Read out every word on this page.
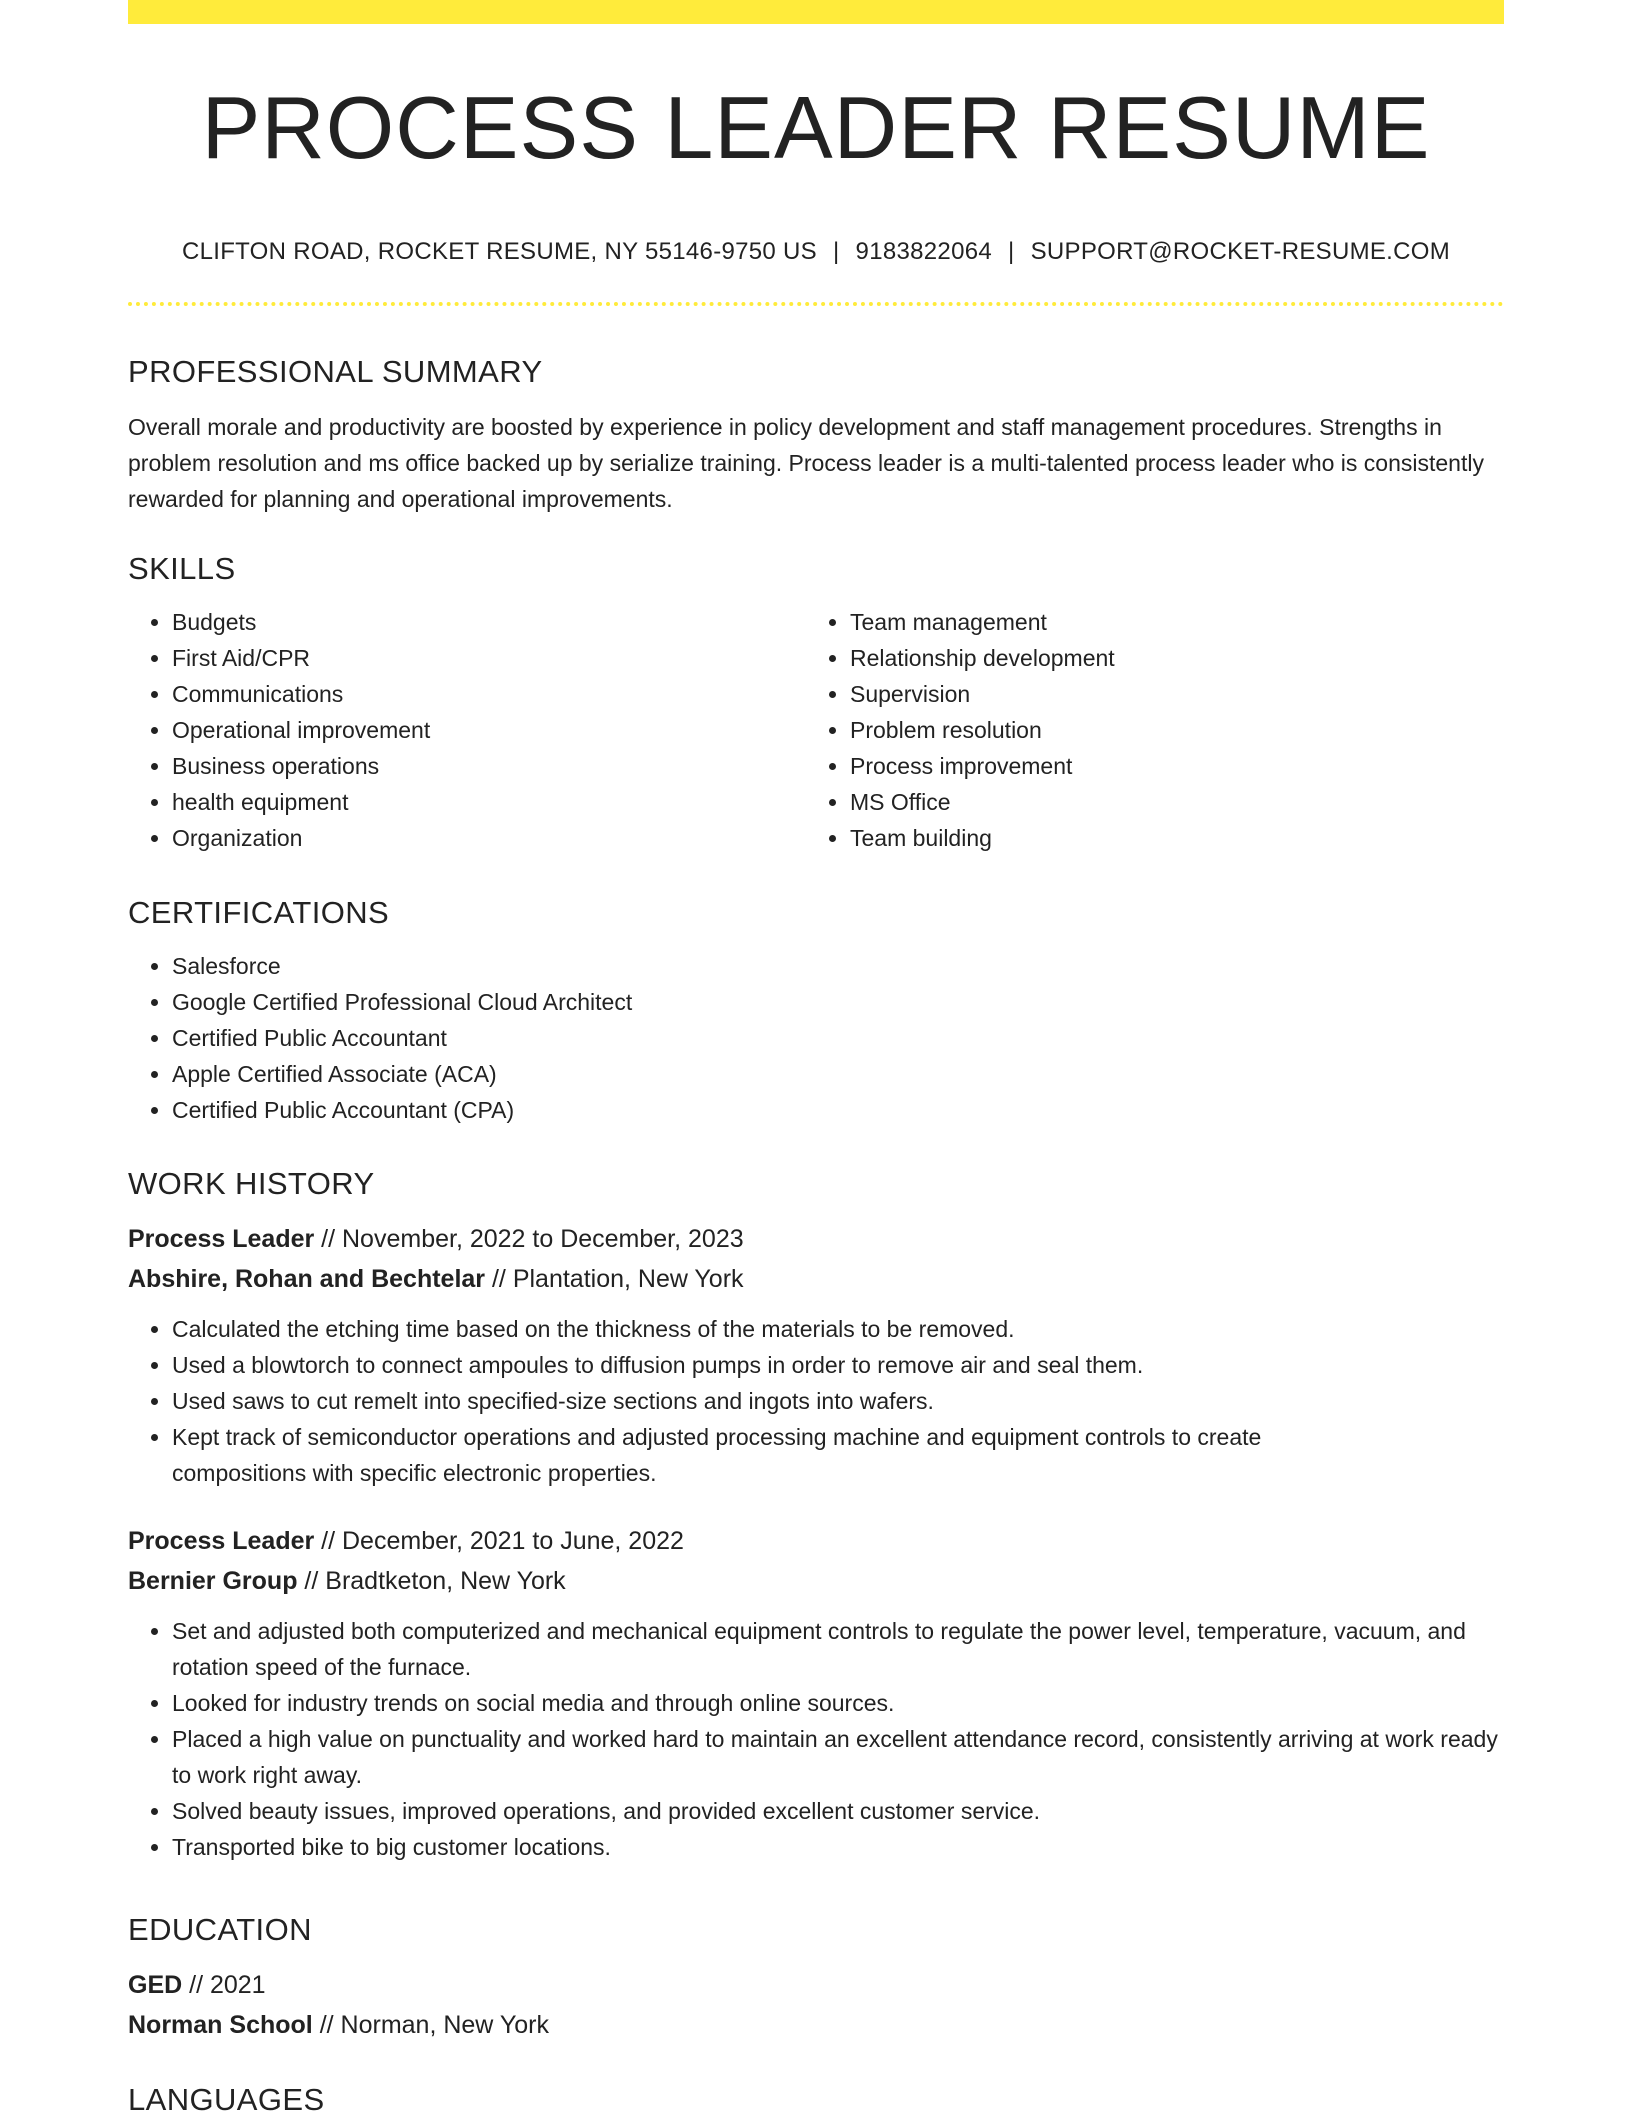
PROCESS LEADER RESUME
CLIFTON ROAD, ROCKET RESUME, NY 55146-9750 US | 9183822064 | SUPPORT@ROCKET-RESUME.COM
PROFESSIONAL SUMMARY

Overall morale and productivity are boosted by experience in policy development and staff management procedures. Strengths in problem resolution and ms office backed up by serialize training. Process leader is a multi-talented process leader who is consistently rewarded for planning and operational improvements.

SKILLS
• Budgets
• First Aid/CPR
• Communications
• Operational improvement
• Business operations
• health equipment
• Organization
• Team management
• Relationship development
• Supervision
• Problem resolution
• Process improvement
• MS Office
• Team building
CERTIFICATIONS
• Salesforce
• Google Certified Professional Cloud Architect
• Certified Public Accountant
• Apple Certified Associate (ACA)
• Certified Public Accountant (CPA)
WORK HISTORY
Process Leader // November, 2022 to December, 2023
Abshire, Rohan and Bechtelar // Plantation, New York
• Calculated the etching time based on the thickness of the materials to be removed.
• Used a blowtorch to connect ampoules to diffusion pumps in order to remove air and seal them.
• Used saws to cut remelt into specified-size sections and ingots into wafers.
• Kept track of semiconductor operations and adjusted processing machine and equipment controls to create compositions with specific electronic properties.
Process Leader // December, 2021 to June, 2022
Bernier Group // Bradtketon, New York
• Set and adjusted both computerized and mechanical equipment controls to regulate the power level, temperature, vacuum, and rotation speed of the furnace.
• Looked for industry trends on social media and through online sources.
• Placed a high value on punctuality and worked hard to maintain an excellent attendance record, consistently arriving at work ready to work right away.
• Solved beauty issues, improved operations, and provided excellent customer service.
• Transported bike to big customer locations.
EDUCATION
GED // 2021
Norman School // Norman, New York
LANGUAGES
